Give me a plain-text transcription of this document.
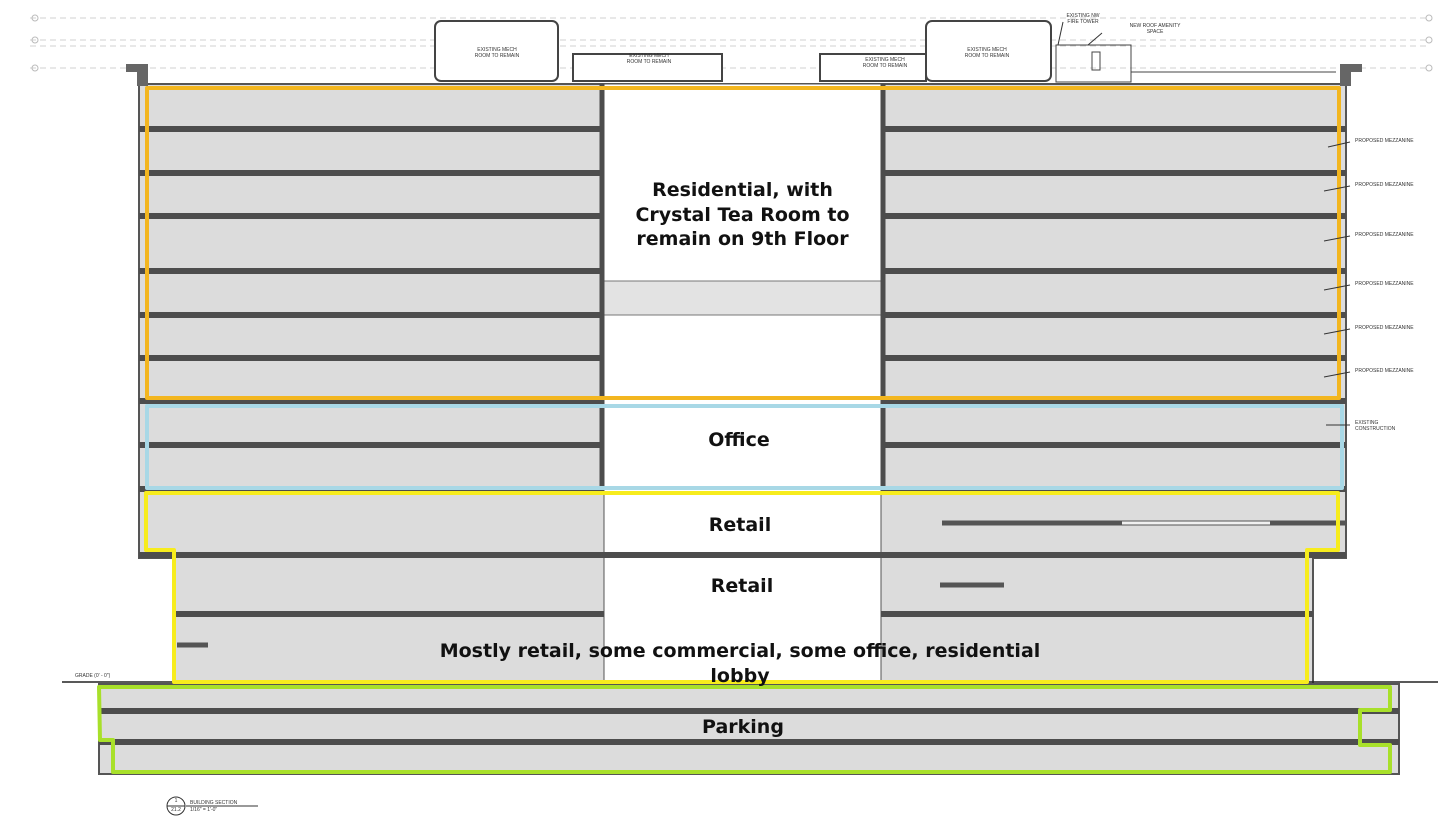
Residential, with
Crystal Tea Room to
remain on 9th Floor
Office
Retail
Retail
Mostly retail, some commercial, some office, residential lobby
Parking
PROPOSED MEZZANINE
PROPOSED MEZZANINE
PROPOSED MEZZANINE
PROPOSED MEZZANINE
PROPOSED MEZZANINE
PROPOSED MEZZANINE
EXISTING
CONSTRUCTION
EXISTING MECH
ROOM TO REMAIN	EXISTING MECH
ROOM TO REMAIN	EXISTING MECH
ROOM TO REMAIN
EXISTING MECH
ROOM TO REMAIN
EXISTING NW
FIRE TOWER
NEW ROOF AMENITY
SPACE
GRADE (0' - 0")
1
21.2
BUILDING SECTION
1/16" = 1'-0"
